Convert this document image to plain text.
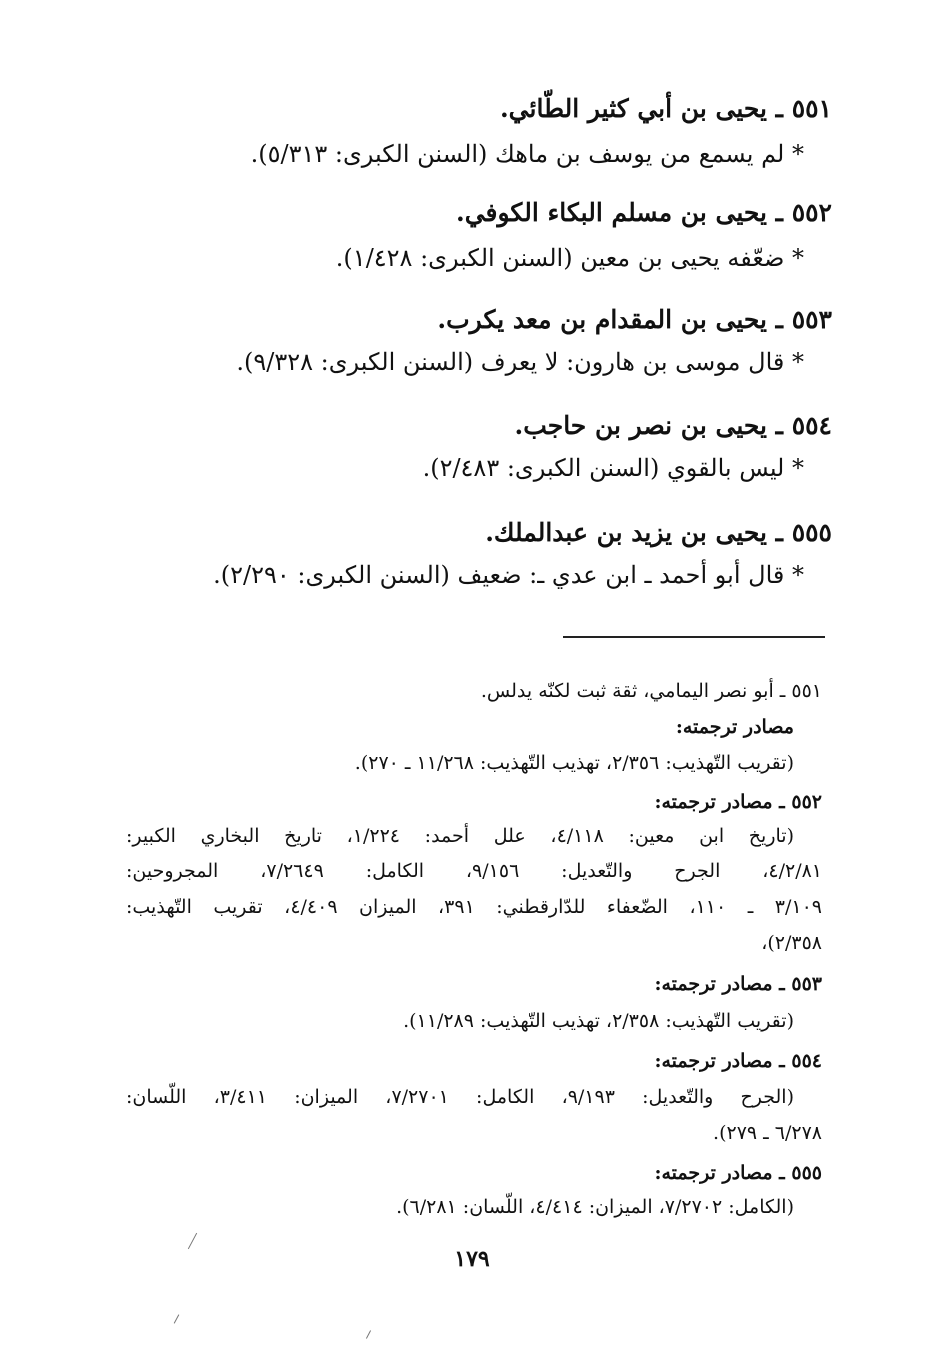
٥٥١ ـ يحيى بن أبي كثير الطّائي.
* لم يسمع من يوسف بن ماهك (السنن الكبرى: ٥/٣١٣).
٥٥٢ ـ يحيى بن مسلم البكاء الكوفي.
* ضعّفه يحيى بن معين (السنن الكبرى: ١/٤٢٨).
٥٥٣ ـ يحيى بن المقدام بن معد يكرب.
* قال موسى بن هارون: لا يعرف (السنن الكبرى: ٩/٣٢٨).
٥٥٤ ـ يحيى بن نصر بن حاجب.
* ليس بالقوي (السنن الكبرى: ٢/٤٨٣).
٥٥٥ ـ يحيى بن يزيد بن عبدالملك.
* قال أبو أحمد ـ ابن عدي ـ: ضعيف (السنن الكبرى: ٢/٢٩٠).
٥٥١ ـ أبو نصر اليمامي، ثقة ثبت لكنّه يدلس.
مصادر ترجمته:
(تقريب التّهذيب: ٢/٣٥٦، تهذيب التّهذيب: ١١/٢٦٨ ـ ٢٧٠).
٥٥٢ ـ مصادر ترجمته:
(تاريخ ابن معين: ٤/١١٨، علل أحمد: ١/٢٢٤، تاريخ البخاري الكبير:
٤/٢/٨١، الجرح والتّعديل: ٩/١٥٦، الكامل: ٧/٢٦٤٩، المجروحين:
٣/١٠٩ ـ ١١٠، الضّعفاء للدّارقطني: ٣٩١، الميزان ٤/٤٠٩، تقريب التّهذيب:
٢/٣٥٨)،
٥٥٣ ـ مصادر ترجمته:
(تقريب التّهذيب: ٢/٣٥٨، تهذيب التّهذيب: ١١/٢٨٩).
٥٥٤ ـ مصادر ترجمته:
(الجرح والتّعديل: ٩/١٩٣، الكامل: ٧/٢٧٠١، الميزان: ٣/٤١١، اللّسان:
٦/٢٧٨ ـ ٢٧٩).
٥٥٥ ـ مصادر ترجمته:
(الكامل: ٧/٢٧٠٢، الميزان: ٤/٤١٤، اللّسان: ٦/٢٨١).
١٧٩
